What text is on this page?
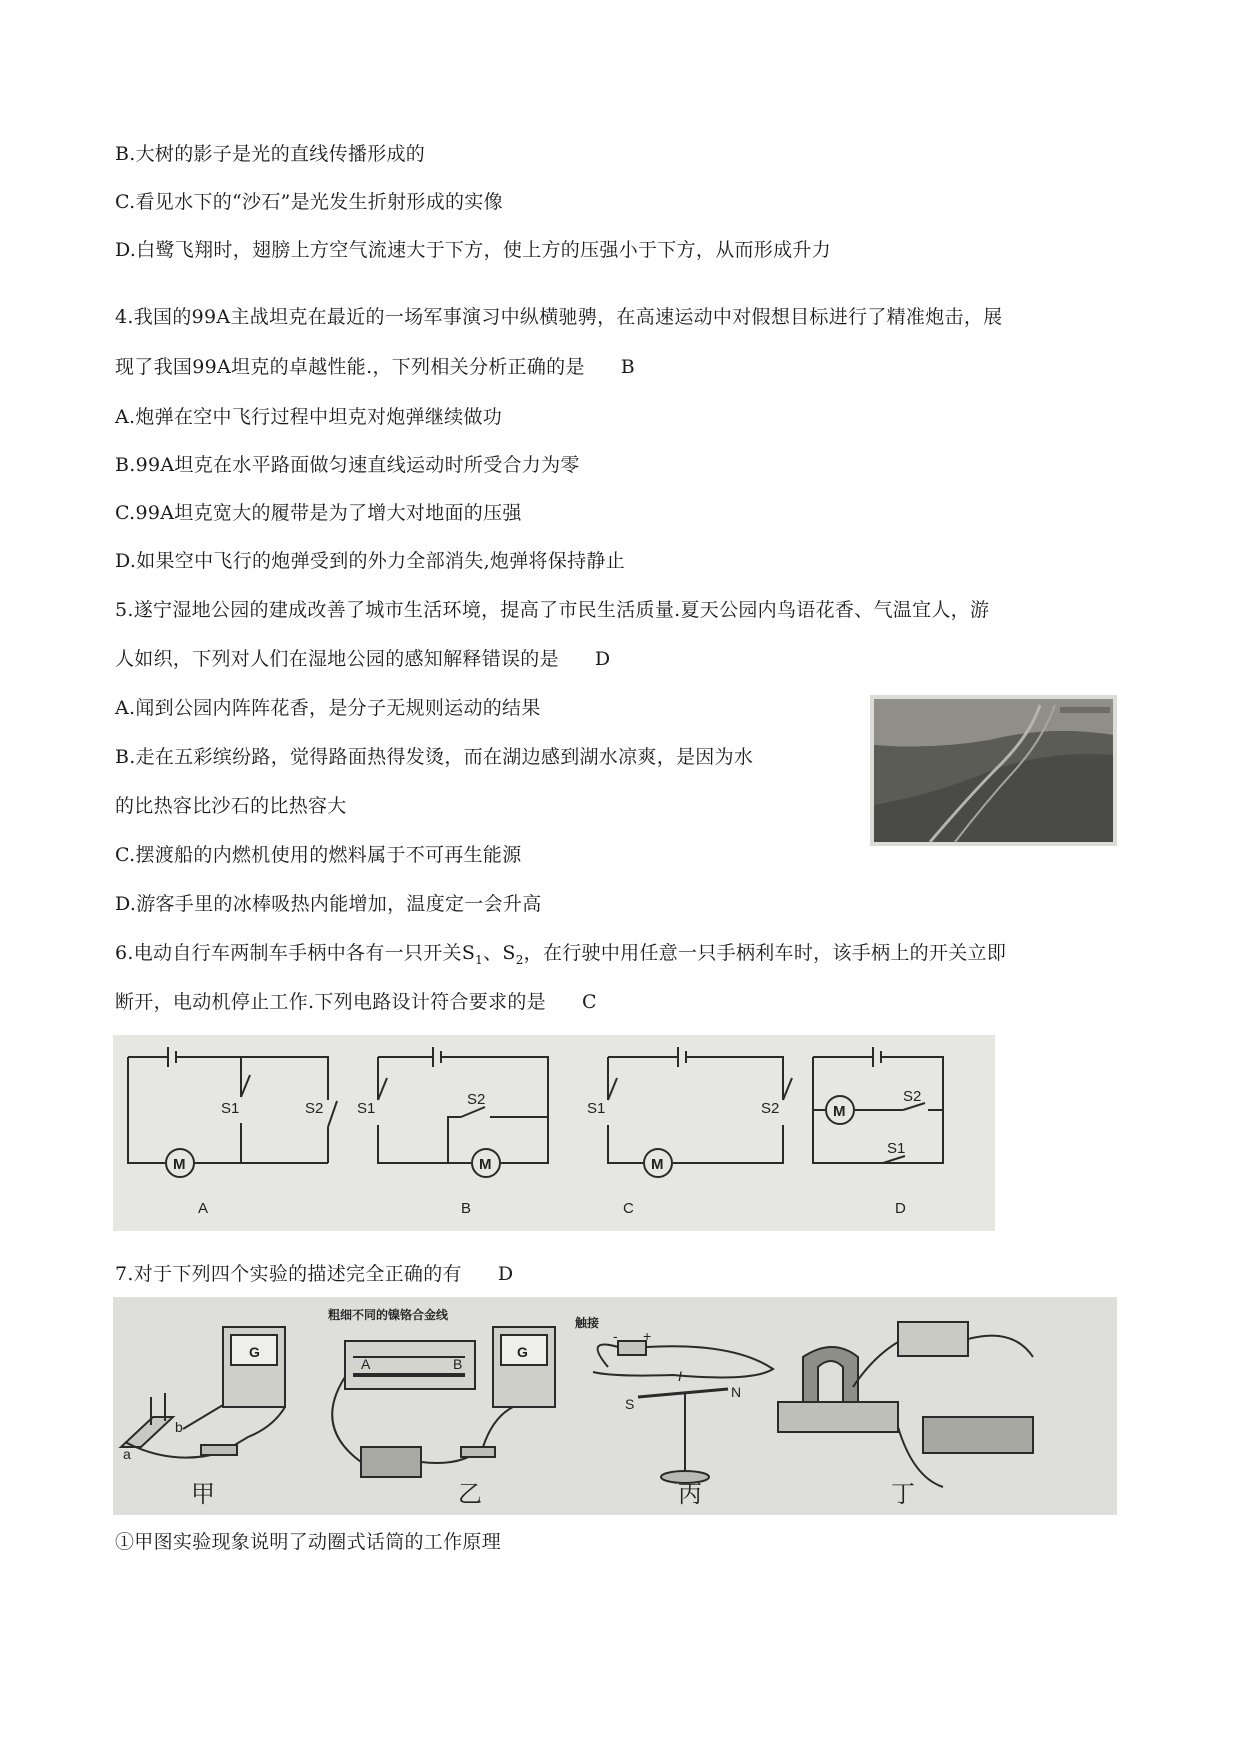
B.大树的影子是光的直线传播形成的
C.看见水下的“沙石”是光发生折射形成的实像
D.白鹭飞翔时，翅膀上方空气流速大于下方，使上方的压强小于下方，从而形成升力
4.我国的99A主战坦克在最近的一场军事演习中纵横驰骋，在高速运动中对假想目标进行了精准炮击，展
现了我国99A坦克的卓越性能.，下列相关分析正确的是 B
A.炮弹在空中飞行过程中坦克对炮弹继续做功
B.99A坦克在水平路面做匀速直线运动时所受合力为零
C.99A坦克宽大的履带是为了增大对地面的压强
D.如果空中飞行的炮弹受到的外力全部消失,炮弹将保持静止
5.遂宁湿地公园的建成改善了城市生活环境，提高了市民生活质量.夏天公园内鸟语花香、气温宜人，游
人如织，下列对人们在湿地公园的感知解释错误的是 D
A.闻到公园内阵阵花香，是分子无规则运动的结果
B.走在五彩缤纷路，觉得路面热得发烫，而在湖边感到湖水凉爽，是因为水
的比热容比沙石的比热容大
C.摆渡船的内燃机使用的燃料属于不可再生能源
D.游客手里的冰棒吸热内能增加，温度定一会升高
6.电动自行车两制车手柄中各有一只开关$S_1$、$S_2$，在行驶中用任意一只手柄利车时，该手柄上的开关立即
断开，电动机停止工作.下列电路设计符合要求的是 C
7.对于下列四个实验的描述完全正确的有 D
①甲图实验现象说明了动圈式话筒的工作原理
M	M	M
M
S1	S2 S1
S2
S1	S2
S2
S1
A	B	C	D
G	G
a
b
粗细不同的镍铬合金线
A	B
触接
- +
I
S
N
甲	乙	丙	丁
